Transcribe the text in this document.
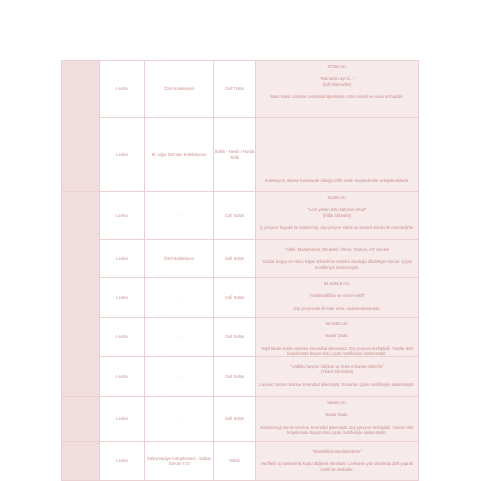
	Levha	Özel Koleksiyon	Celî Tülüs	47x58 cm.
"Ramazan ayı ki..."
(Kâf Sûresi/35)
Mavi zemin üzerine zerendüd işlenmiştir. Altın cetveli ve mavi tezhiplidir.

	Levha	M. Uğur Derman Koleksiyonu	Sülüs - Nesih / Hurda Ta'lik	Koleksiyon. Bahse konulacak olduğu ta'lik nesih meşkedenler anlaşılmaktadır.

	Levha	-	Celî Sülüs	41x60 cm.
"Lem yekün lehu küfüven ehad"
(İhlâs Sûresi/4)
İç çerçeve kuşaklı ile süslenmiş, dış çerçeve sülüs ve kenarlı ebrulu ile eserdedirler.

	Levha	Özel Koleksiyon	Celî Sülüs	"Allah, Muhammed, Ebubekir, Ömer, Osman, Ali" isimleri
Yazılar başça ve Hoca Nişan Efendi'nin resmini okuduğu dikdörtgen-kenar. Çiçek motifleriyle süslenmiştir.

	Levha	-	Celî Sülüs	64,5x65,5 cm.
"Hasbünallâhu ve ni'mel vekîl"
Dış çerçevede iki satır ebru, mukavvalanmıştır.

	Levha	-	Celî Sülüs	50,5x63 cm.
Nasar Dualı.
Yeşil taban zemin üzerine zerendüd işlenmiştir. Dış çerçeve tezhiplidir. Yazılar dört köşelerinde beyaz ebru çiçek motifleriyle süslenmiştir.

	Levha	-	Celî Sülüs	"Vallâhu hayrun hâfizan ve hüve erhamür-râhimîn"
(Yûsuf Sûresi/64)
Lacivert zemin üzerine zerendüd işlenmiştir. Kenarları çiçek motifleriyle süslenmiştir.

	Levha	-	Celî Sülüs	56x69 cm.
Nasar Dualı.
Kahverengi zemin üzerine zerendüd işlenmiştir. Dış çerçeve tezhiplidir. Yazılar dört köşelerinde beyaz ebru çiçek motifleriyle süslenmiştir.

	Levha	Süleymaniye Kütüphanesi - Sultan Ebrulu 773	Sülüs	"Bismillâhirrahmânirrahîm"
Harflerin içi süslenmiş kuşlu düğmeli ebruladır. Levhanın yan tarafında dört yaprak motifi ile süslüdür.
